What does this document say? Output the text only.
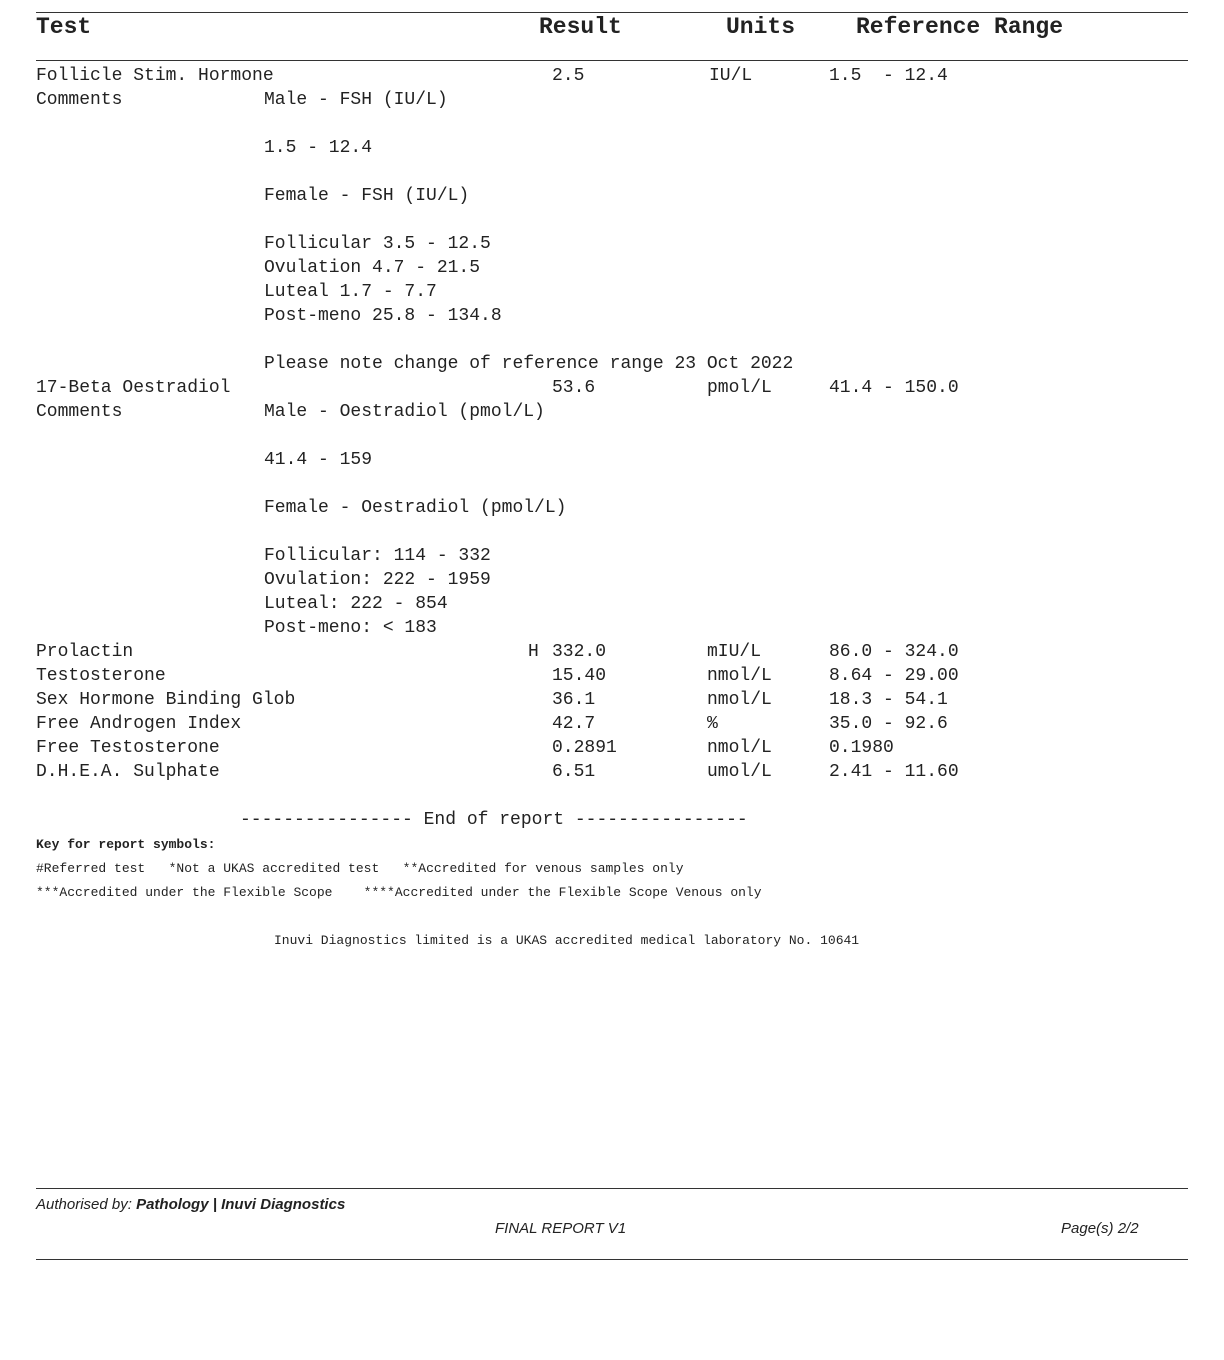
Test	Result	Units	Reference Range
Follicle Stim. Hormone	2.5	IU/L	1.5  - 12.4
Comments	Male - FSH (IU/L)
1.5 - 12.4
Female - FSH (IU/L)
Follicular 3.5 - 12.5
Ovulation 4.7 - 21.5
Luteal 1.7 - 7.7
Post-meno 25.8 - 134.8
Please note change of reference range 23 Oct 2022
17-Beta Oestradiol	53.6	pmol/L	41.4 - 150.0
Comments	Male - Oestradiol (pmol/L)
41.4 - 159
Female - Oestradiol (pmol/L)
Follicular: 114 - 332
Ovulation: 222 - 1959
Luteal: 222 - 854
Post-meno: < 183
Prolactin	H 332.0	mIU/L	86.0 - 324.0
Testosterone	15.40	nmol/L	8.64 - 29.00
Sex Hormone Binding Glob	36.1	nmol/L	18.3 - 54.1
Free Androgen Index	42.7	%	35.0 - 92.6
Free Testosterone	0.2891	nmol/L	0.1980
D.H.E.A. Sulphate	6.51	umol/L	2.41 - 11.60
---------------- End of report ----------------
Key for report symbols:
#Referred test   *Not a UKAS accredited test   **Accredited for venous samples only
***Accredited under the Flexible Scope    ****Accredited under the Flexible Scope Venous only
Inuvi Diagnostics limited is a UKAS accredited medical laboratory No. 10641
Authorised by: Pathology | Inuvi Diagnostics
FINAL REPORT V1	Page(s) 2/2
